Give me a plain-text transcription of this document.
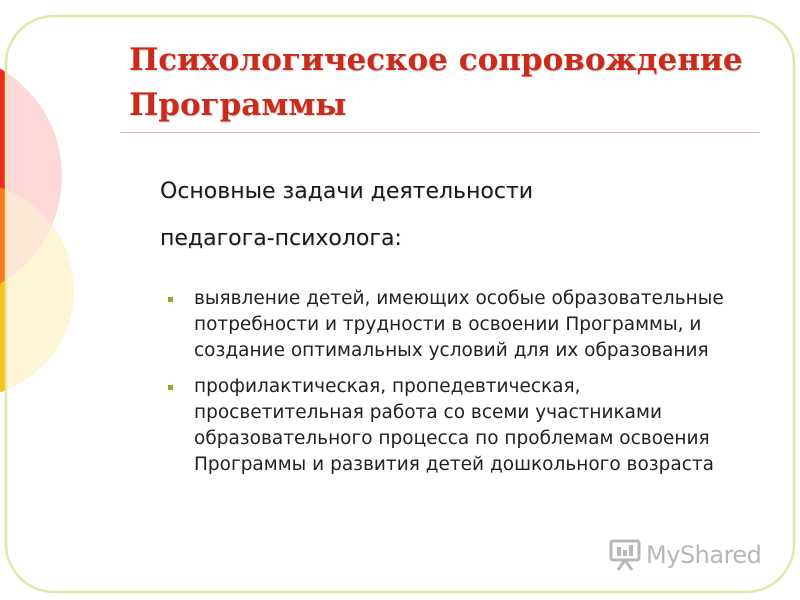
Психологическое сопровождение Программы

Основные задачи деятельности педагога-психолога:

выявление детей, имеющих особые образовательные потребности и трудности в освоении Программы, и создание оптимальных условий для их образования
профилактическая, пропедевтическая, просветительная работа со всеми участниками образовательного процесса по проблемам освоения Программы и развития детей дошкольного возраста
MyShared
